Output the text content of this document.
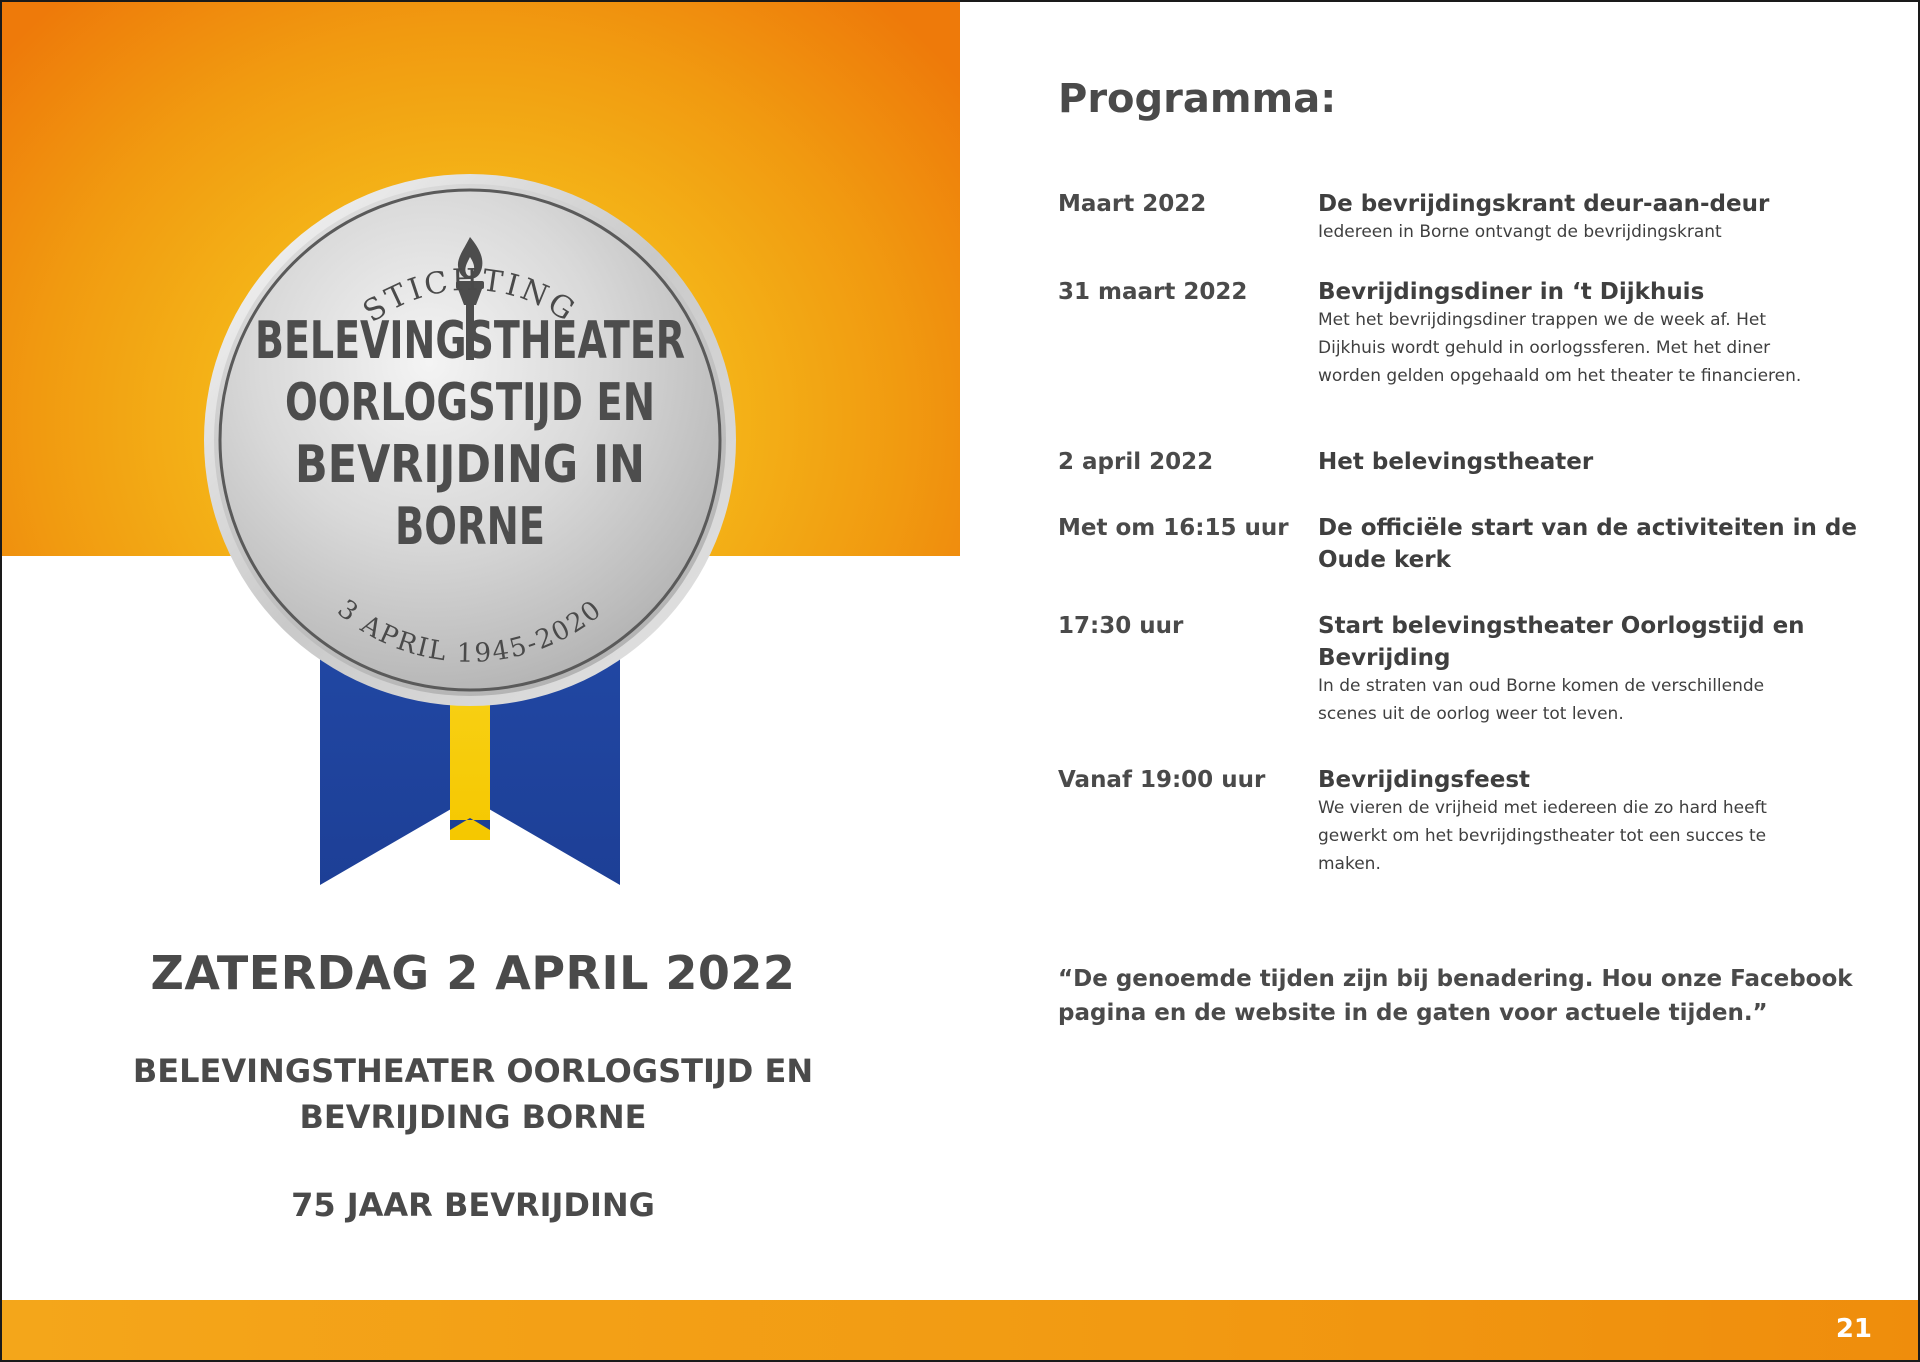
STICHTING
BELEVINGSTHEATER
OORLOGSTIJD EN
BEVRIJDING IN
BORNE
3 APRIL 1945-2020
ZATERDAG 2 APRIL 2022
BELEVINGSTHEATER OORLOGSTIJD EN
BEVRIJDING BORNE
75 JAAR BEVRIJDING
Programma:
Maart 2022	De bevrijdingskrant deur-aan-deur
Iedereen in Borne ontvangt de bevrijdingskrant
31 maart 2022	Bevrijdingsdiner in ‘t Dijkhuis
Met het bevrijdingsdiner trappen we de week af. Het
Dijkhuis wordt gehuld in oorlogssferen. Met het diner
worden gelden opgehaald om het theater te financieren.
2 april 2022	Het belevingstheater
Met om 16:15 uur	De officiële start van de activiteiten in de Oude kerk
17:30 uur	Start belevingstheater Oorlogstijd en Bevrijding
In de straten van oud Borne komen de verschillende
scenes uit de oorlog weer tot leven.
Vanaf 19:00 uur	Bevrijdingsfeest
We vieren de vrijheid met iedereen die zo hard heeft
gewerkt om het bevrijdingstheater tot een succes te
maken.
“De genoemde tijden zijn bij benadering. Hou onze Facebook pagina en de website in de gaten voor actuele tijden.”
21
